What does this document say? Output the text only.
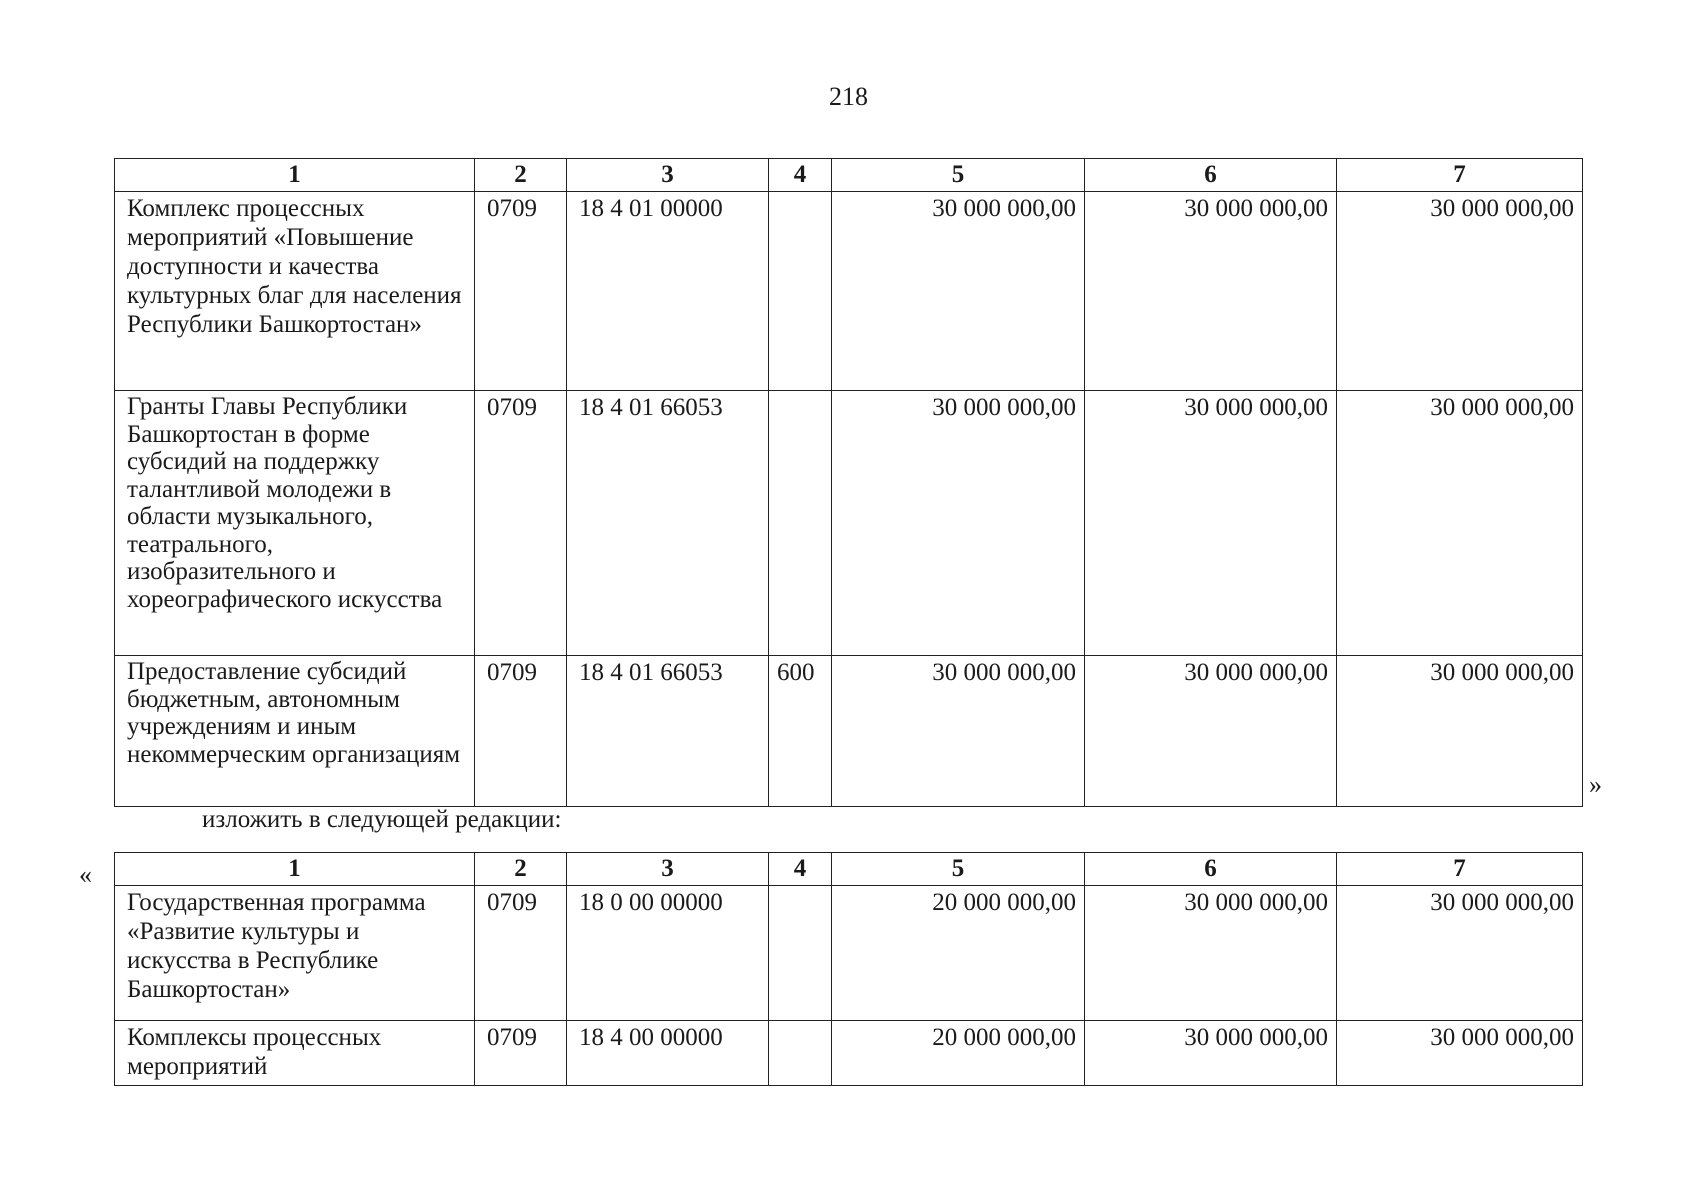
218
1	2	3	4	5	6	7

Комплекс процессных мероприятий «Повышение доступности и качества культурных благ для населения Республики Башкортостан»	0709	18 4 01 00000		30 000 000,00	30 000 000,00	30 000 000,00

Гранты Главы Республики Башкортостан в форме субсидий на поддержку талантливой молодежи в области музыкального, театрального, изобразительного и хореографического искусства	0709	18 4 01 66053		30 000 000,00	30 000 000,00	30 000 000,00

Предоставление субсидий бюджетным, автономным учреждениям и иным некоммерческим организациям	0709	18 4 01 66053	600	30 000 000,00	30 000 000,00	30 000 000,00
»
изложить в следующей редакции:
«	1	2	3	4	5	6	7

Государственная программа «Развитие культуры и искусства в Республике Башкортостан»	0709	18 0 00 00000		20 000 000,00	30 000 000,00	30 000 000,00

Комплексы процессных мероприятий	0709	18 4 00 00000		20 000 000,00	30 000 000,00	30 000 000,00
